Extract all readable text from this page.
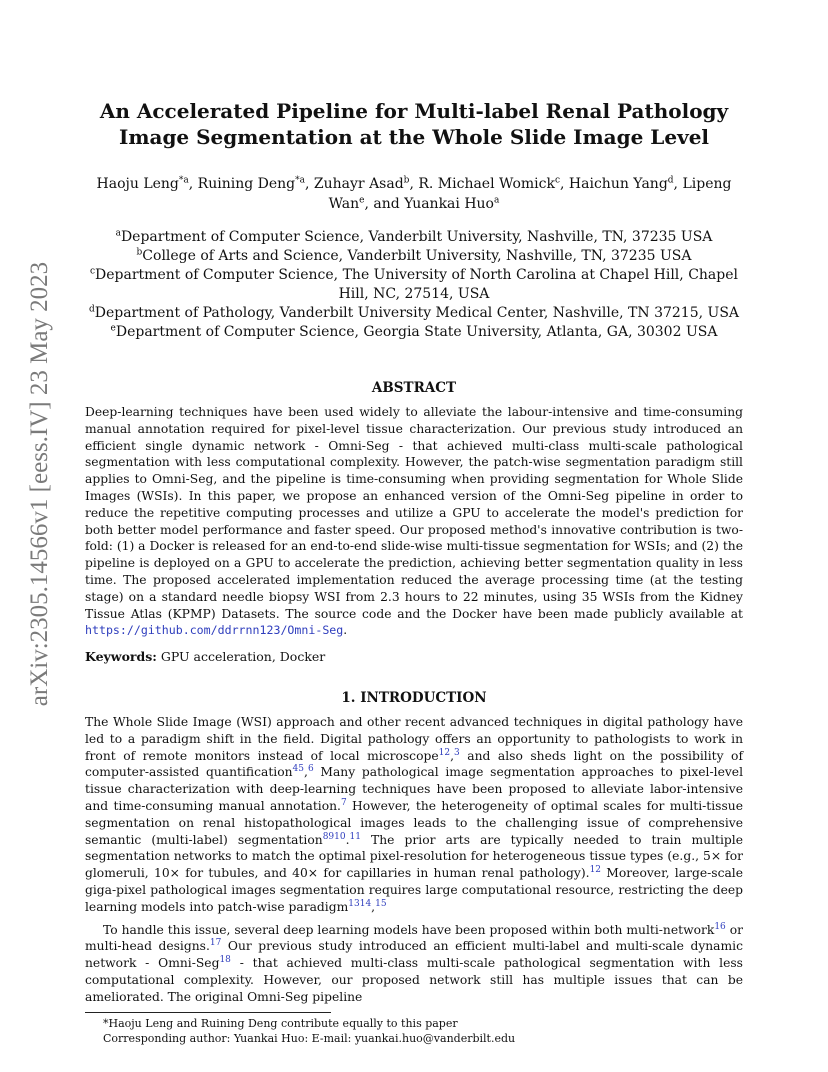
arXiv:2305.14566v1 [eess.IV] 23 May 2023
An Accelerated Pipeline for Multi-label Renal Pathology
Image Segmentation at the Whole Slide Image Level
Haoju Leng$^{*a}$, Ruining Deng$^{*a}$, Zuhayr Asad$^b$, R. Michael Womick$^c$, Haichun Yang$^d$, Lipeng Wan$^e$, and Yuankai Huo$^a$
$^a$Department of Computer Science, Vanderbilt University, Nashville, TN, 37235 USA
$^b$College of Arts and Science, Vanderbilt University, Nashville, TN, 37235 USA
$^c$Department of Computer Science, The University of North Carolina at Chapel Hill, Chapel Hill, NC, 27514, USA
$^d$Department of Pathology, Vanderbilt University Medical Center, Nashville, TN 37215, USA
$^e$Department of Computer Science, Georgia State University, Atlanta, GA, 30302 USA
ABSTRACT

Deep-learning techniques have been used widely to alleviate the labour-intensive and time-consuming manual annotation required for pixel-level tissue characterization. Our previous study introduced an efficient single dynamic network - Omni-Seg - that achieved multi-class multi-scale pathological segmentation with less computational complexity. However, the patch-wise segmentation paradigm still applies to Omni-Seg, and the pipeline is time-consuming when providing segmentation for Whole Slide Images (WSIs). In this paper, we propose an enhanced version of the Omni-Seg pipeline in order to reduce the repetitive computing processes and utilize a GPU to accelerate the model's prediction for both better model performance and faster speed. Our proposed method's innovative contribution is two-fold: (1) a Docker is released for an end-to-end slide-wise multi-tissue segmentation for WSIs; and (2) the pipeline is deployed on a GPU to accelerate the prediction, achieving better segmentation quality in less time. The proposed accelerated implementation reduced the average processing time (at the testing stage) on a standard needle biopsy WSI from 2.3 hours to 22 minutes, using 35 WSIs from the Kidney Tissue Atlas (KPMP) Datasets. The source code and the Docker have been made publicly available at https://github.com/ddrrnn123/Omni-Seg.

Keywords: GPU acceleration, Docker

1. INTRODUCTION

The Whole Slide Image (WSI) approach and other recent advanced techniques in digital pathology have led to a paradigm shift in the field. Digital pathology offers an opportunity to pathologists to work in front of remote monitors instead of local microscope$^{12}$,$^3$ and also sheds light on the possibility of computer-assisted quantification$^{45}$,$^6$ Many pathological image segmentation approaches to pixel-level tissue characterization with deep-learning techniques have been proposed to alleviate labor-intensive and time-consuming manual annotation.$^7$ However, the heterogeneity of optimal scales for multi-tissue segmentation on renal histopathological images leads to the challenging issue of comprehensive semantic (multi-label) segmentation$^{8910}$.$^{11}$ The prior arts are typically needed to train multiple segmentation networks to match the optimal pixel-resolution for heterogeneous tissue types (e.g., 5× for glomeruli, 10× for tubules, and 40× for capillaries in human renal pathology).$^{12}$ Moreover, large-scale giga-pixel pathological images segmentation requires large computational resource, restricting the deep learning models into patch-wise paradigm$^{1314}$,$^{15}$

To handle this issue, several deep learning models have been proposed within both multi-network$^{16}$ or multi-head designs.$^{17}$ Our previous study introduced an efficient multi-label and multi-scale dynamic network - Omni-Seg$^{18}$ - that achieved multi-class multi-scale pathological segmentation with less computational complexity. However, our proposed network still has multiple issues that can be ameliorated. The original Omni-Seg pipeline

*Haoju Leng and Ruining Deng contribute equally to this paper
Corresponding author: Yuankai Huo: E-mail: yuankai.huo@vanderbilt.edu
